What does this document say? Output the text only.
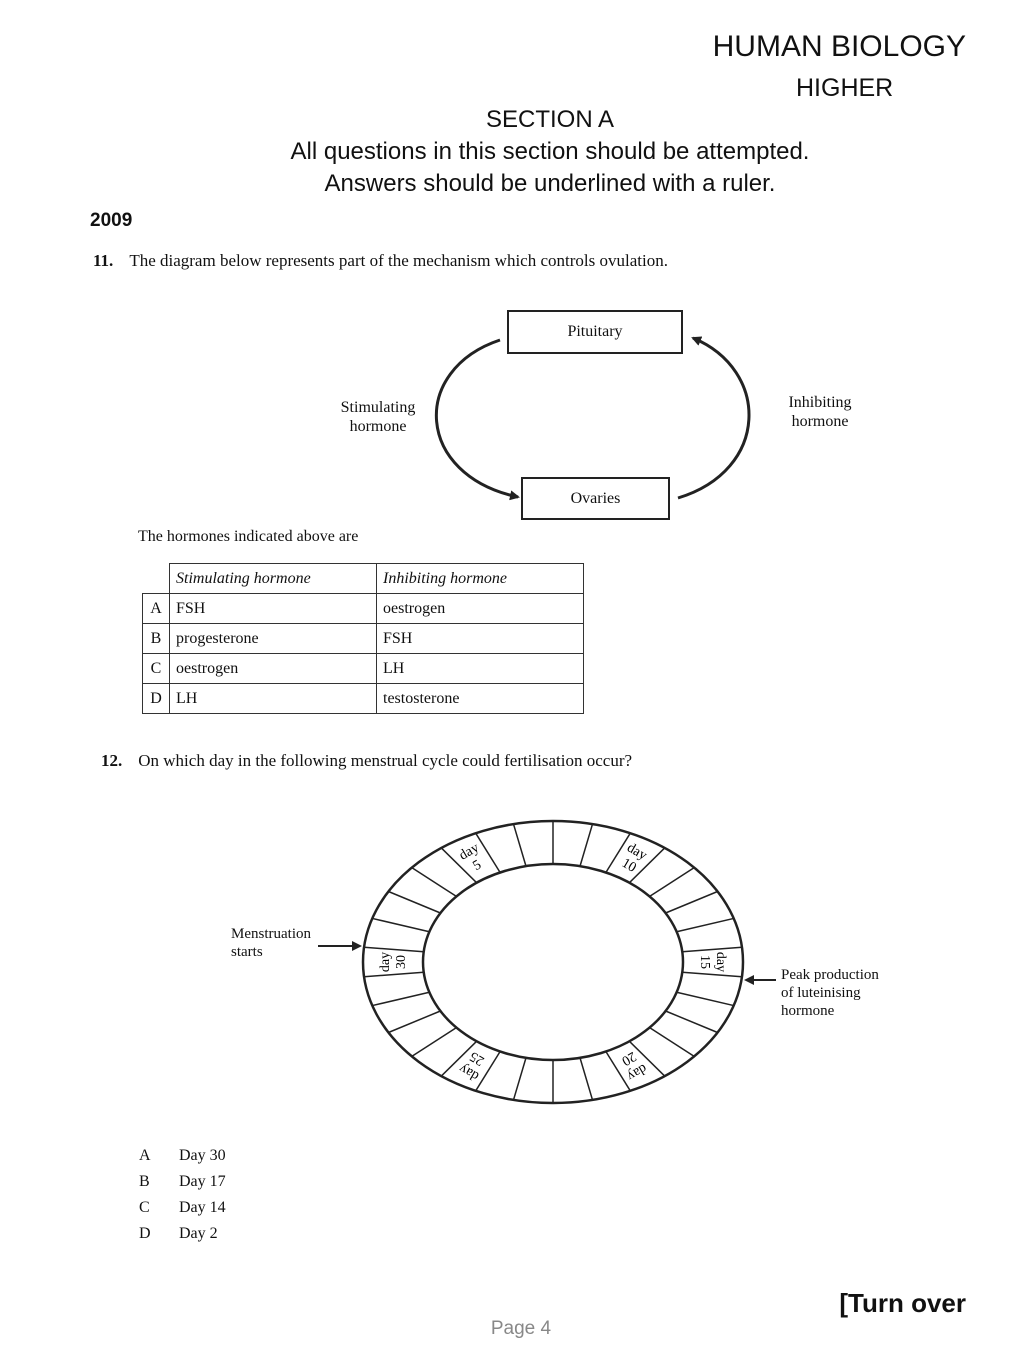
HUMAN BIOLOGY
HIGHER
SECTION A
All questions in this section should be attempted.
Answers should be underlined with a ruler.
2009
11. The diagram below represents part of the mechanism which controls ovulation.
Pituitary
Ovaries
Stimulating
hormone
Inhibiting
hormone
The hormones indicated above are
	Stimulating hormone	Inhibiting hormone
A	FSH	oestrogen
B	progesterone	FSH
C	oestrogen	LH
D	LH	testosterone
12. On which day in the following menstrual cycle could fertilisation occur?
day
5
day
10
day
15
day
20
day
25
day 30
Menstruation
starts
Peak production
of luteinising
hormone
A Day 30
B Day 17
C Day 14
D Day 2
[Turn over
Page 4
